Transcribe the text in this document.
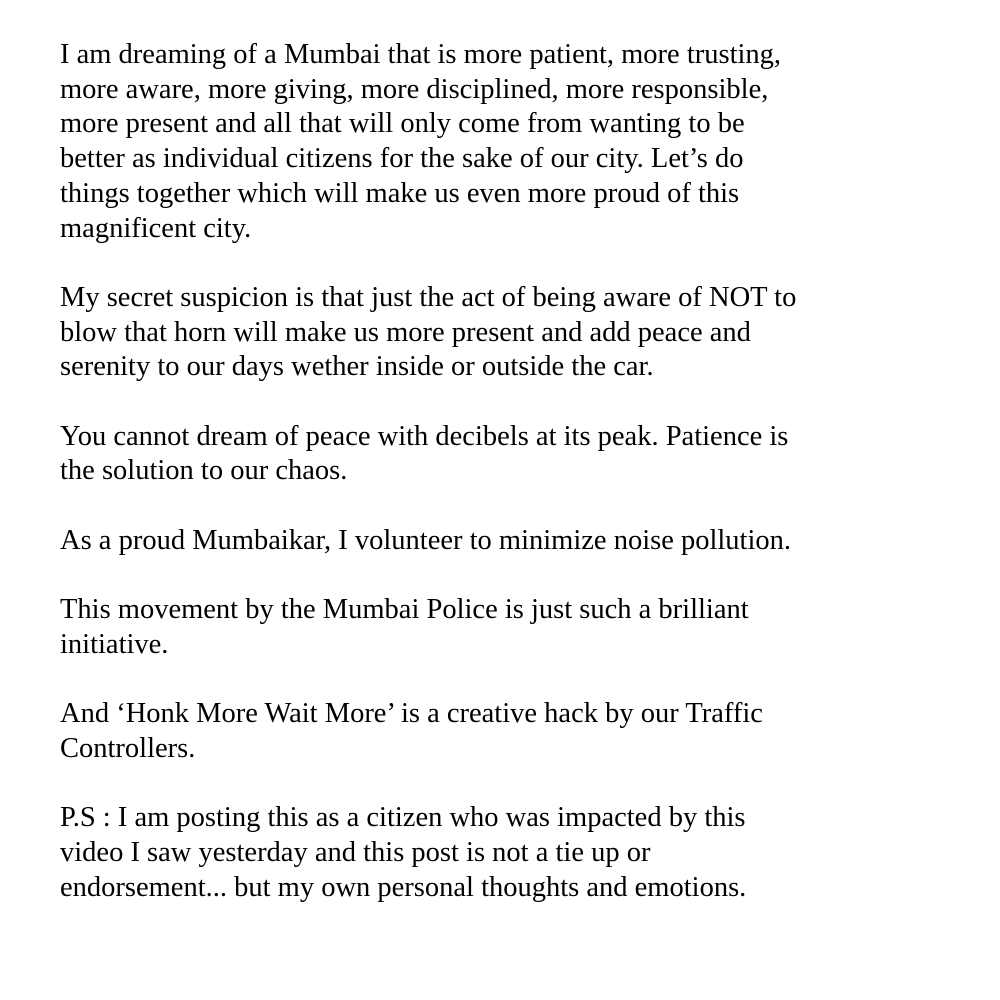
I am dreaming of a Mumbai that is more patient, more trusting,
more aware, more giving, more disciplined, more responsible,
more present and all that will only come from wanting to be
better as individual citizens for the sake of our city. Let’s do
things together which will make us even more proud of this
magnificent city.

My secret suspicion is that just the act of being aware of NOT to
blow that horn will make us more present and add peace and
serenity to our days wether inside or outside the car.

You cannot dream of peace with decibels at its peak. Patience is
the solution to our chaos.

As a proud Mumbaikar, I volunteer to minimize noise pollution.

This movement by the Mumbai Police is just such a brilliant
initiative.

And ‘Honk More Wait More’ is a creative hack by our Traffic
Controllers.

P.S : I am posting this as a citizen who was impacted by this
video I saw yesterday and this post is not a tie up or
endorsement... but my own personal thoughts and emotions.
